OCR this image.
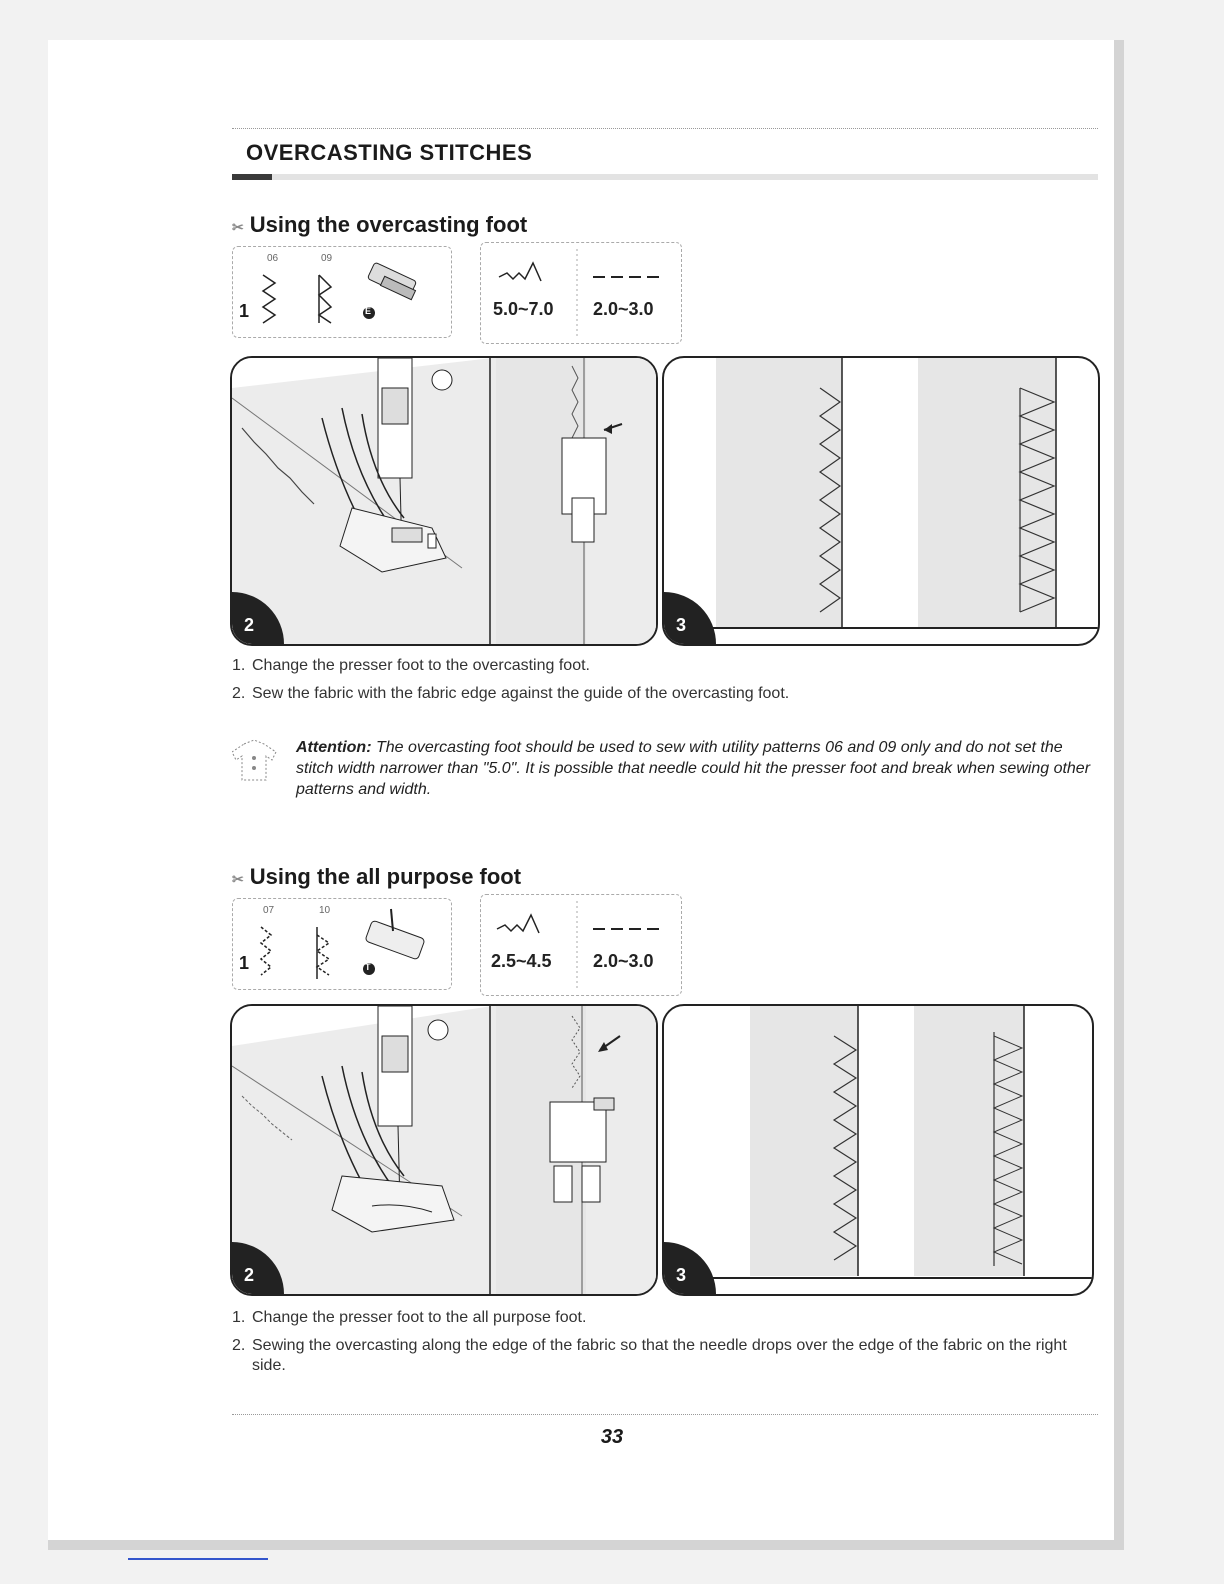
OVERCASTING STITCHES
✂ Using the overcasting foot
06	09
1	E	5.0~7.0 2.0~3.0
2	3
1. Change the presser foot to the overcasting foot.
2. Sew the fabric with the fabric edge against the guide of the overcasting foot.

Attention: The overcasting foot should be used to sew with utility patterns 06 and 09 only and do not set the stitch width narrower than "5.0". It is possible that needle could hit the presser foot and break when sewing other patterns and width.

✂ Using the all purpose foot
07	10
1	T	2.5~4.5 2.0~3.0
2	3
1. Change the presser foot to the all purpose foot.
2. Sewing the overcasting along the edge of the fabric so that the needle drops over the edge of the fabric on the right side.
33
